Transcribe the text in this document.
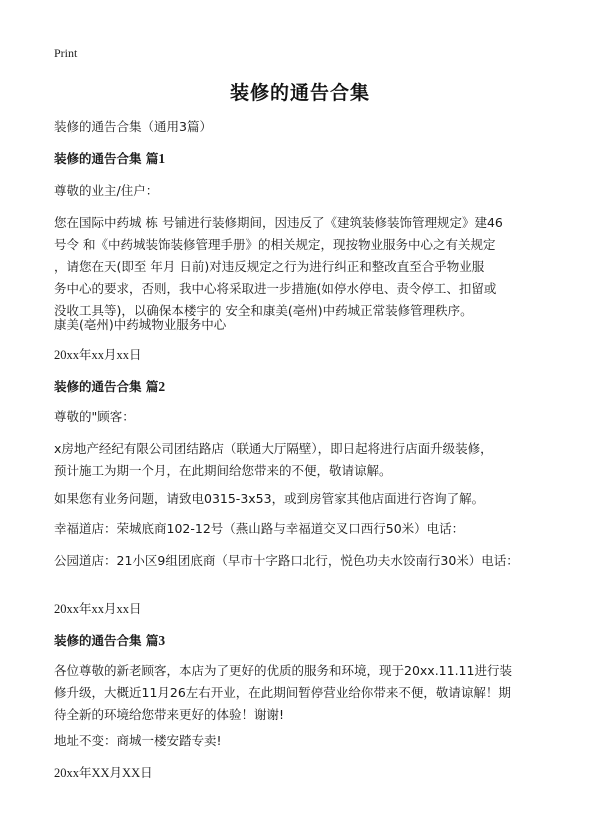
Print
装修的通告合集
装修的通告合集（通用3篇）
装修的通告合集 篇1
尊敬的业主/住户：
您在国际中药城 栋 号铺进行装修期间，因违反了《建筑装修装饰管理规定》建46
号令 和《中药城装饰装修管理手册》的相关规定，现按物业服务中心之有关规定
，请您在天(即至 年月 日前)对违反规定之行为进行纠正和整改直至合乎物业服
务中心的要求，否则，我中心将采取进一步措施(如停水停电、责令停工、扣留或
没收工具等)，以确保本楼宇的 安全和康美(亳州)中药城正常装修管理秩序。
康美(亳州)中药城物业服务中心
20xx年xx月xx日
装修的通告合集 篇2
尊敬的"顾客：
x房地产经纪有限公司团结路店（联通大厅隔壁），即日起将进行店面升级装修，
预计施工为期一个月，在此期间给您带来的不便，敬请谅解。
如果您有业务问题，请致电0315-3x53，或到房管家其他店面进行咨询了解。
幸福道店：荣城底商102-12号（燕山路与幸福道交叉口西行50米）电话：
公园道店：21小区9组团底商（早市十字路口北行，悦色功夫水饺南行30米）电话：
20xx年xx月xx日
装修的通告合集 篇3
各位尊敬的新老顾客，本店为了更好的优质的服务和环境，现于20xx.11.11进行装
修升级，大概近11月26左右开业，在此期间暂停营业给你带来不便，敬请谅解！期
待全新的环境给您带来更好的体验！谢谢!
地址不变：商城一楼安踏专卖!
20xx年XX月XX日
